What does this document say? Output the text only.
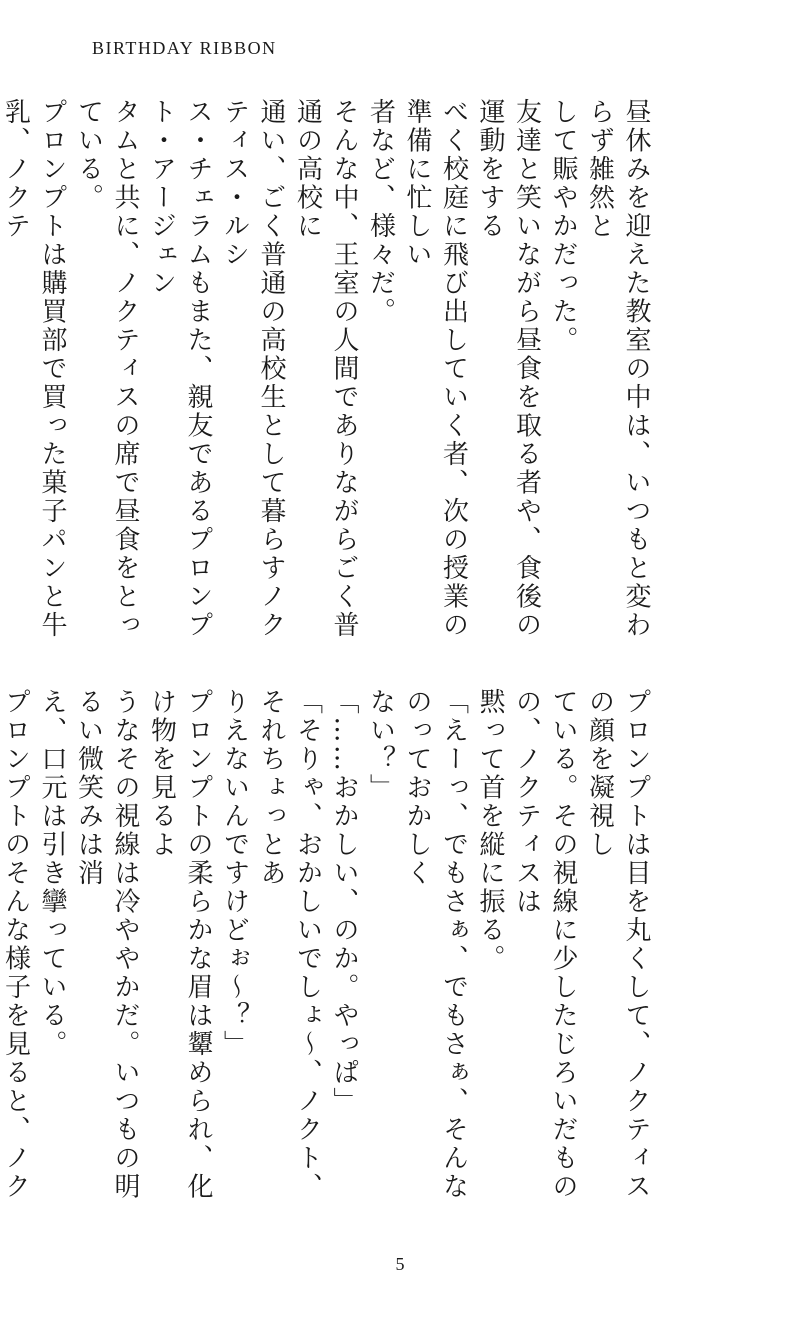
BIRTHDAY RIBBON

昼休みを迎えた教室の中は、いつもと変わらず雑然と

して賑やかだった。

友達と笑いながら昼食を取る者や、食後の運動をする

べく校庭に飛び出していく者、次の授業の準備に忙しい

者など、様々だ。

そんな中、王室の人間でありながらごく普通の高校に

通い、ごく普通の高校生として暮らすノクティス・ルシ

ス・チェラムもまた、親友であるプロンプト・アージェン

タムと共に、ノクティスの席で昼食をとっている。

プロンプトは購買部で買った菓子パンと牛乳、ノクテ

プロンプトは目を丸くして、ノクティスの顔を凝視し

ている。その視線に少したじろいだものの、ノクティスは

黙って首を縦に振る。

「えーっ、でもさぁ、でもさぁ、そんなのっておかしく

ない？」

「……おかしい、のか。やっぱ」

「そりゃ、おかしいでしょ～、ノクト、それちょっとあ

りえないんですけどぉ～？」

プロンプトの柔らかな眉は顰められ、化け物を見るよ

うなその視線は冷ややかだ。いつもの明るい微笑みは消

え、口元は引き攣っている。

プロンプトのそんな様子を見ると、ノク

5
